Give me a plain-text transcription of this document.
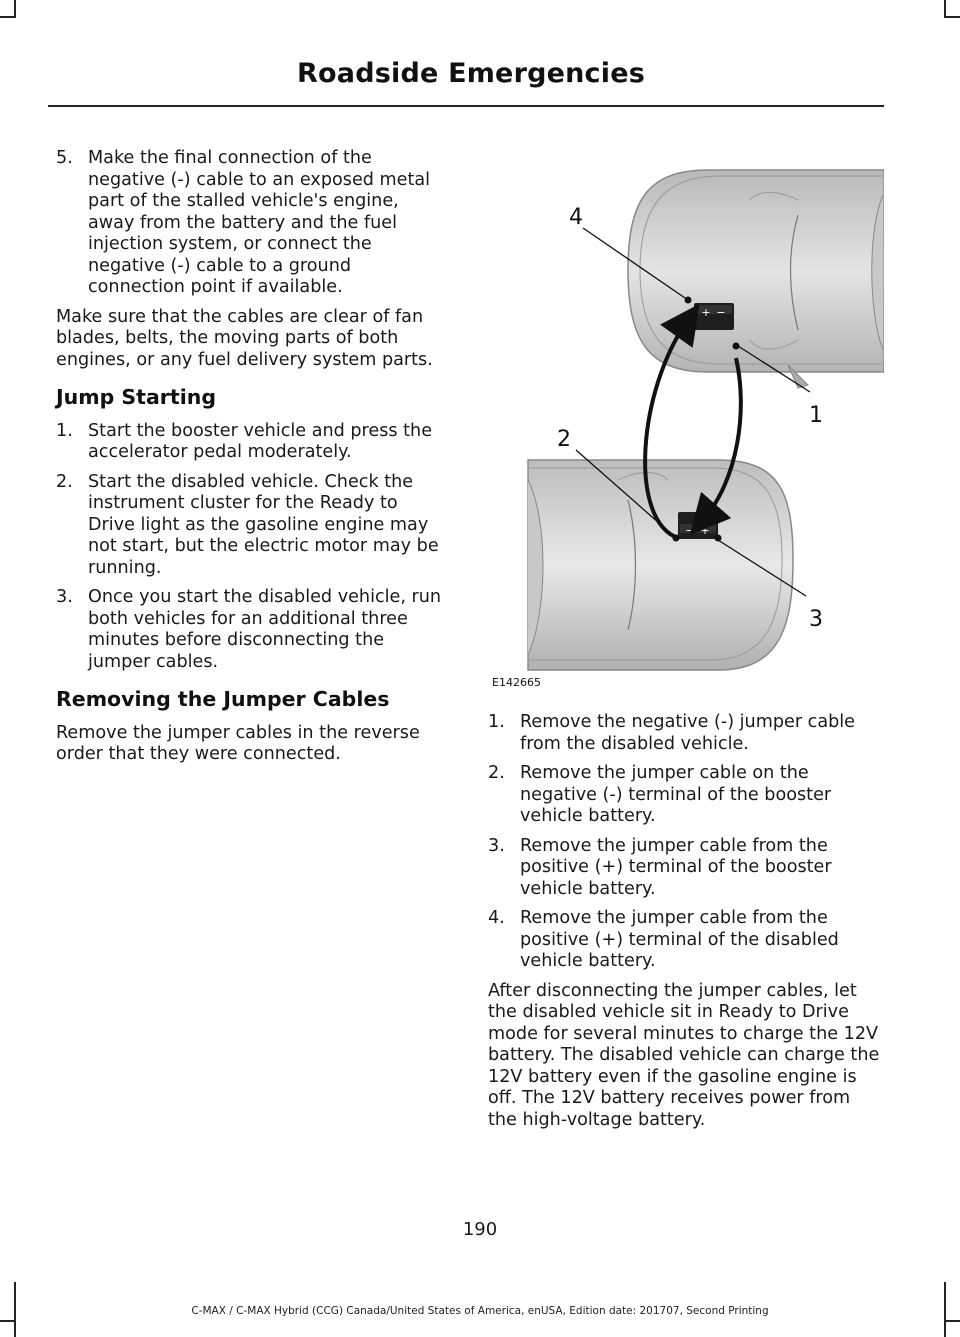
Roadside Emergencies
5. Make the final connection of the negative (-) cable to an exposed metal part of the stalled vehicle's engine, away from the battery and the fuel injection system, or connect the negative (-) cable to a ground connection point if available.

Make sure that the cables are clear of fan blades, belts, the moving parts of both engines, or any fuel delivery system parts.

Jump Starting
1. Start the booster vehicle and press the accelerator pedal moderately.
2. Start the disabled vehicle. Check the instrument cluster for the Ready to Drive light as the gasoline engine may not start, but the electric motor may be running.
3. Once you start the disabled vehicle, run both vehicles for an additional three minutes before disconnecting the jumper cables.
Removing the Jumper Cables

Remove the jumper cables in the reverse order that they were connected.

+ −
− +
4
1
2
3
E142665
1. Remove the negative (-) jumper cable from the disabled vehicle.
2. Remove the jumper cable on the negative (-) terminal of the booster vehicle battery.
3. Remove the jumper cable from the positive (+) terminal of the booster vehicle battery.
4. Remove the jumper cable from the positive (+) terminal of the disabled vehicle battery.

After disconnecting the jumper cables, let the disabled vehicle sit in Ready to Drive mode for several minutes to charge the 12V battery. The disabled vehicle can charge the 12V battery even if the gasoline engine is off. The 12V battery receives power from the high-voltage battery.

190
C-MAX / C-MAX Hybrid (CCG) Canada/United States of America, enUSA, Edition date: 201707, Second Printing
